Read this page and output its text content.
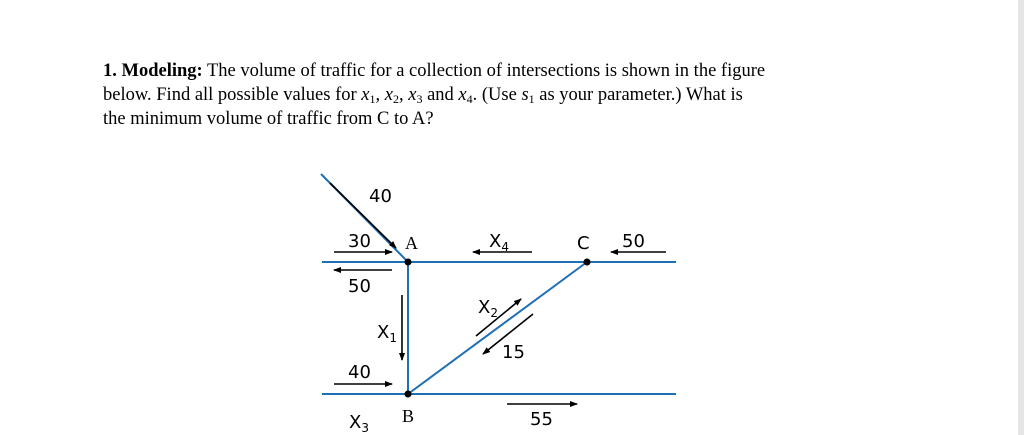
1. Modeling: The volume of traffic for a collection of intersections is shown in the figure
below. Find all possible values for $x_1$, $x_2$, $x_3$ and $x_4$. (Use $s_1$ as your parameter.) What is
the minimum volume of traffic from C to A?
A	C
B
40
30
50
50
15
40
55
$X_1$
$X_2$
$X_3$
$X_4$
